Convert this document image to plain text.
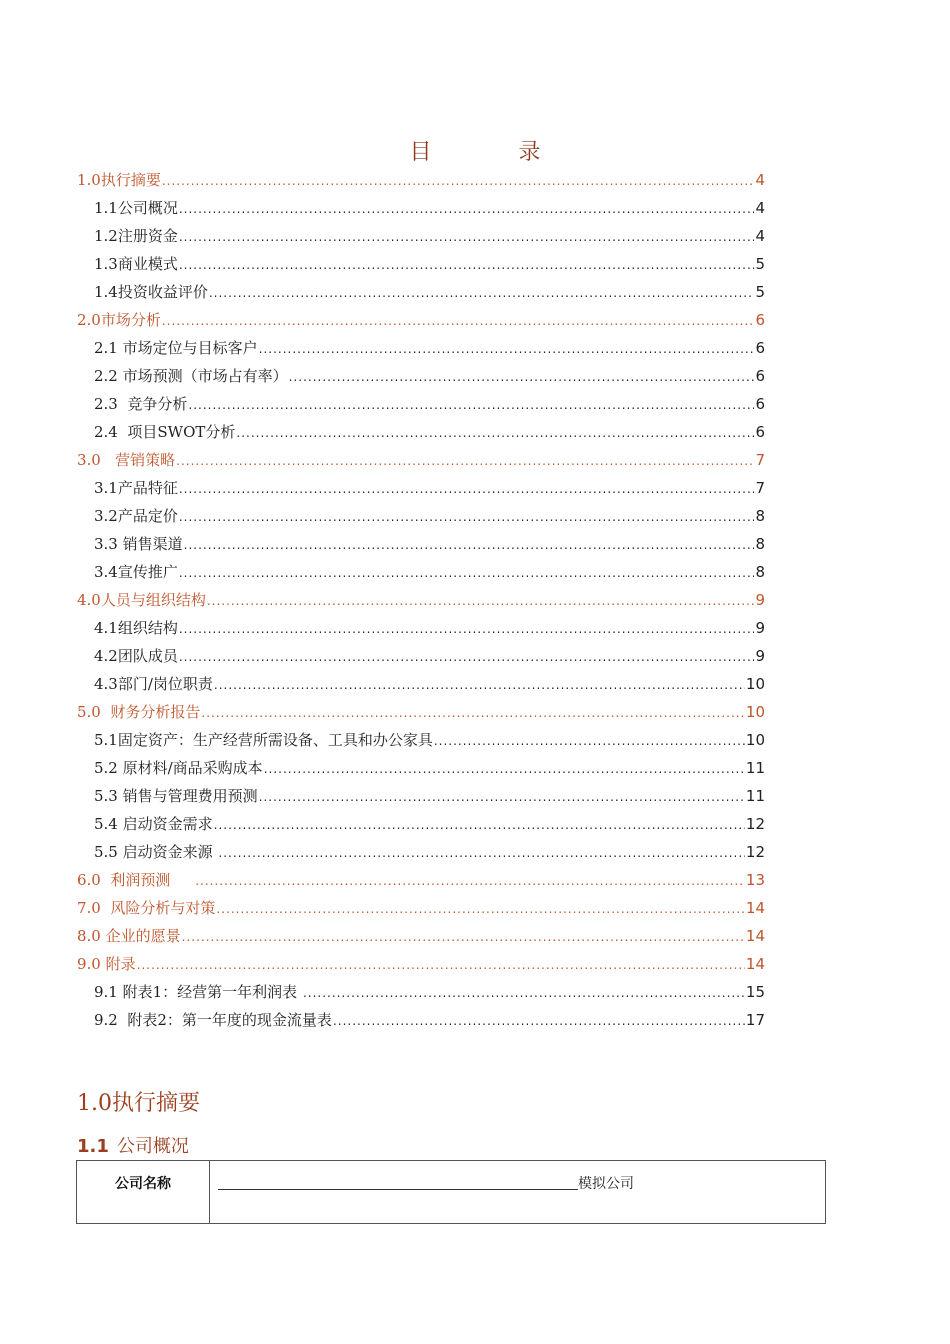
目 录
1.0执行摘要 .....	4
1.1公司概况 .....	4
1.2注册资金 .....	4
1.3商业模式 .....	5
1.4投资收益评价 .....	5
2.0市场分析 .....	6
2.1 市场定位与目标客户 .....	6
2.2 市场预测（市场占有率） .....	6
2.3  竞争分析 .....	6
2.4  项目SWOT分析 .....	6
3.0   营销策略 .....	7
3.1产品特征 .....	7
3.2产品定价 .....	8
3.3 销售渠道 .....	8
3.4宣传推广 .....	8
4.0人员与组织结构 .....	9
4.1组织结构 .....	9
4.2团队成员 .....	9
4.3部门/岗位职责 .....	10
5.0  财务分析报告 .....	10
5.1固定资产：生产经营所需设备、工具和办公家具 .....	10
5.2 原材料/商品采购成本 .....	11
5.3 销售与管理费用预测 .....	11
5.4 启动资金需求 .....	12
5.5 启动资金来源 .....	12
6.0  利润预测 .....	13
7.0  风险分析与对策 .....	14
8.0 企业的愿景 .....	14
9.0 附录 .....	14
9.1 附表1：经营第一年利润表 .....	15
9.2  附表2：第一年度的现金流量表 .....	17
1.0执行摘要
1.1 公司概况
公司名称	模拟公司
